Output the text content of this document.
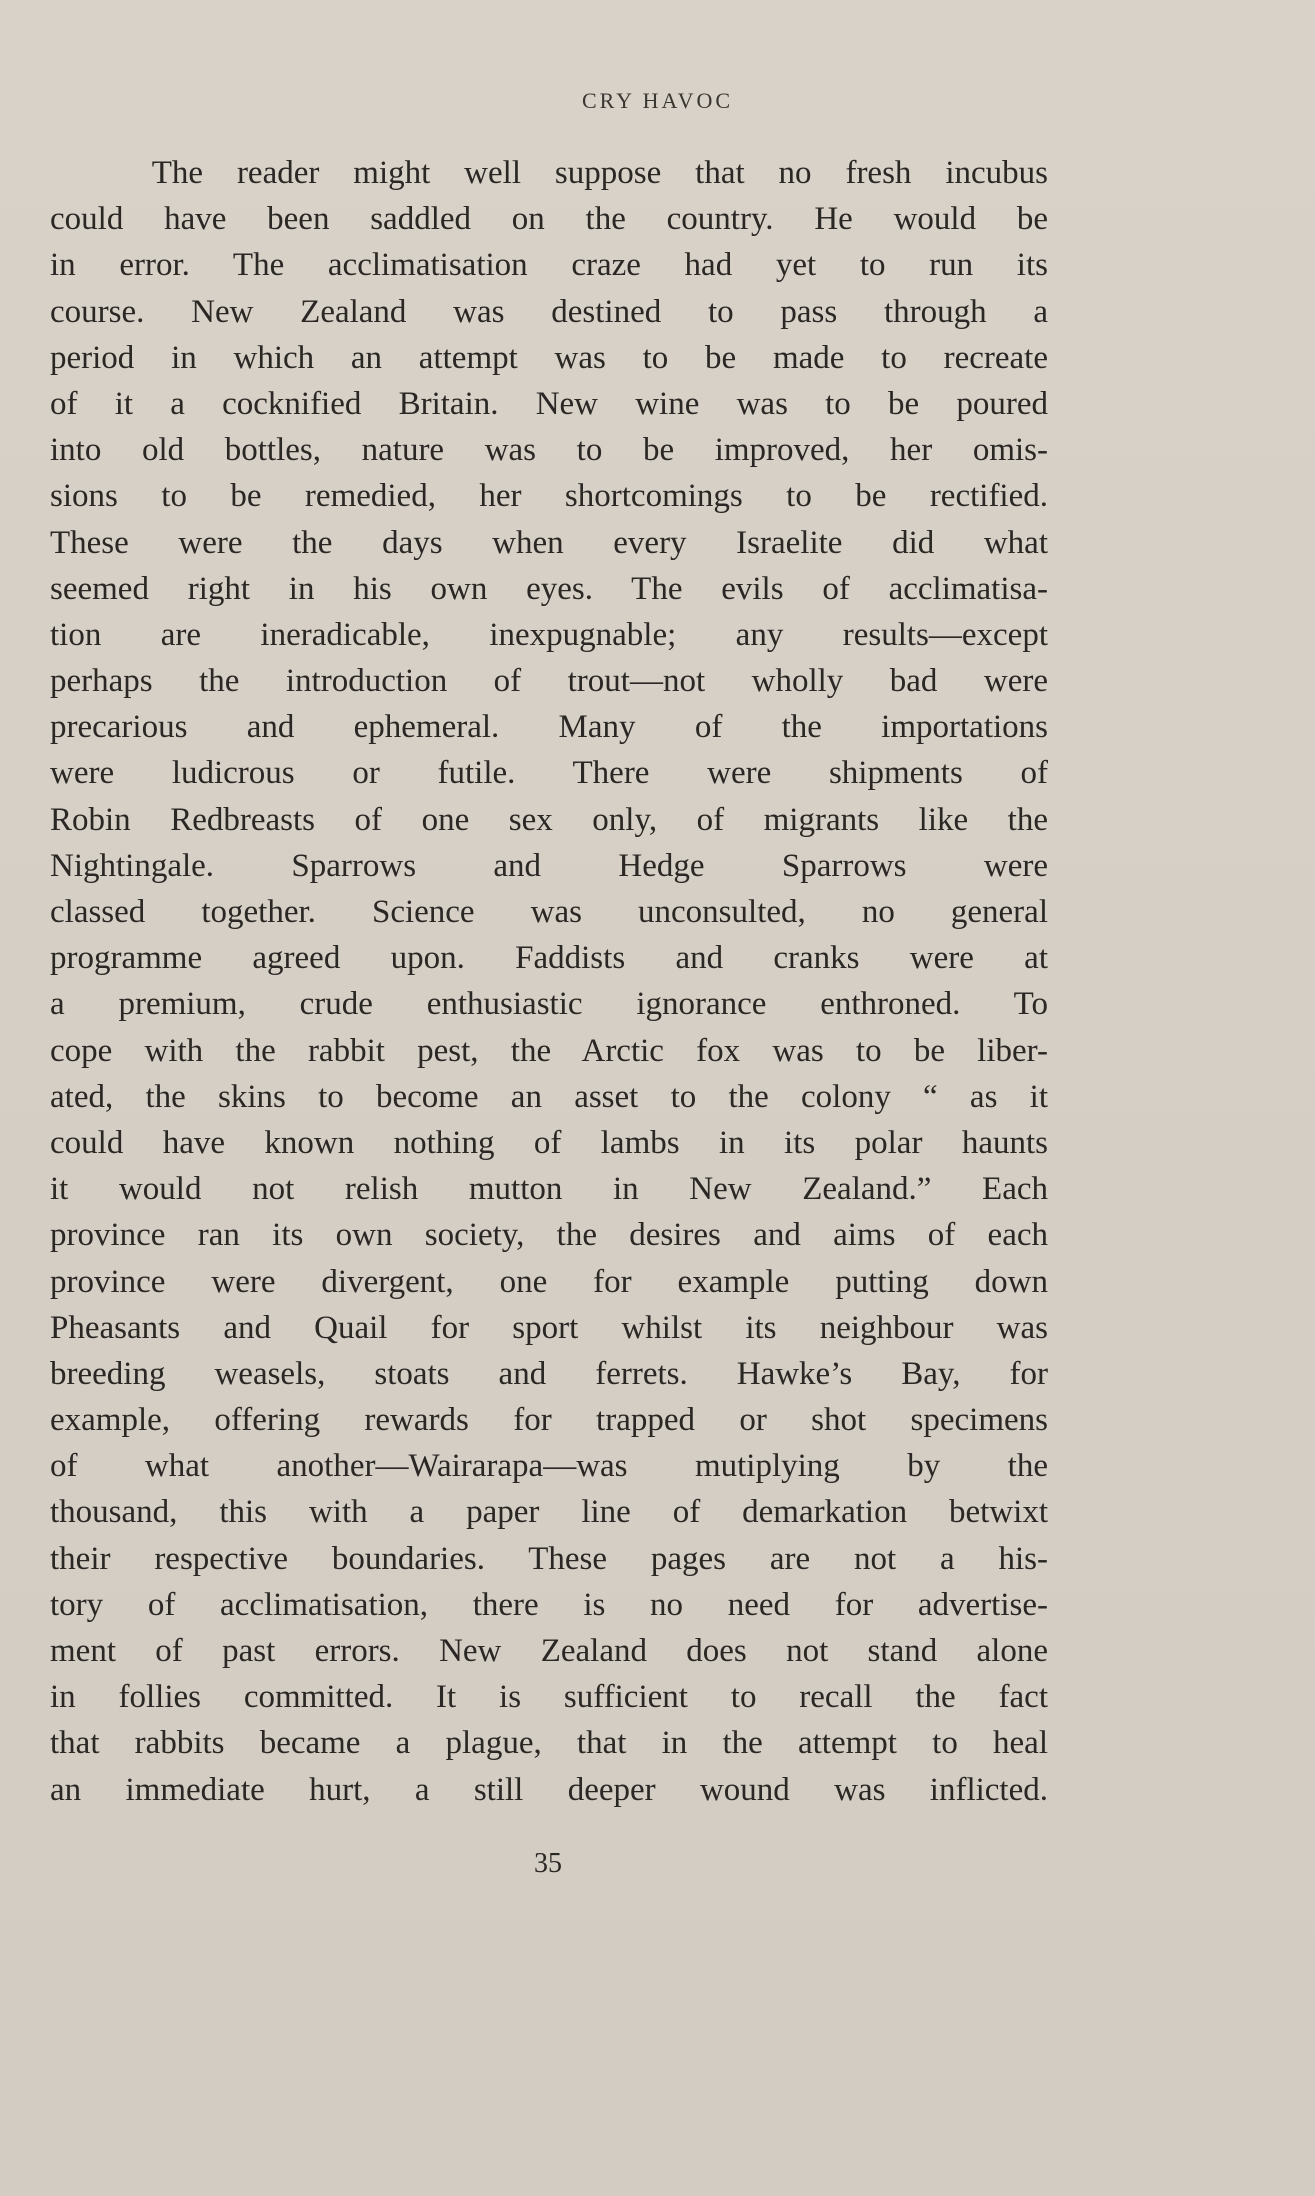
CRY HAVOC
The reader might well suppose that no fresh incubus
could have been saddled on the country. He would be
in error. The acclimatisation craze had yet to run its
course. New Zealand was destined to pass through a
period in which an attempt was to be made to recreate
of it a cocknified Britain. New wine was to be poured
into old bottles, nature was to be improved, her omis-
sions to be remedied, her shortcomings to be rectified.
These were the days when every Israelite did what
seemed right in his own eyes. The evils of acclimatisa-
tion are ineradicable, inexpugnable; any results—except
perhaps the introduction of trout—not wholly bad were
precarious and ephemeral. Many of the importations
were ludicrous or futile. There were shipments of
Robin Redbreasts of one sex only, of migrants like the
Nightingale. Sparrows and Hedge Sparrows were
classed together. Science was unconsulted, no general
programme agreed upon. Faddists and cranks were at
a premium, crude enthusiastic ignorance enthroned. To
cope with the rabbit pest, the Arctic fox was to be liber-
ated, the skins to become an asset to the colony “ as it
could have known nothing of lambs in its polar haunts
it would not relish mutton in New Zealand.” Each
province ran its own society, the desires and aims of each
province were divergent, one for example putting down
Pheasants and Quail for sport whilst its neighbour was
breeding weasels, stoats and ferrets. Hawke’s Bay, for
example, offering rewards for trapped or shot specimens
of what another—Wairarapa—was mutiplying by the
thousand, this with a paper line of demarkation betwixt
their respective boundaries. These pages are not a his-
tory of acclimatisation, there is no need for advertise-
ment of past errors. New Zealand does not stand alone
in follies committed. It is sufficient to recall the fact
that rabbits became a plague, that in the attempt to heal
an immediate hurt, a still deeper wound was inflicted.
35
